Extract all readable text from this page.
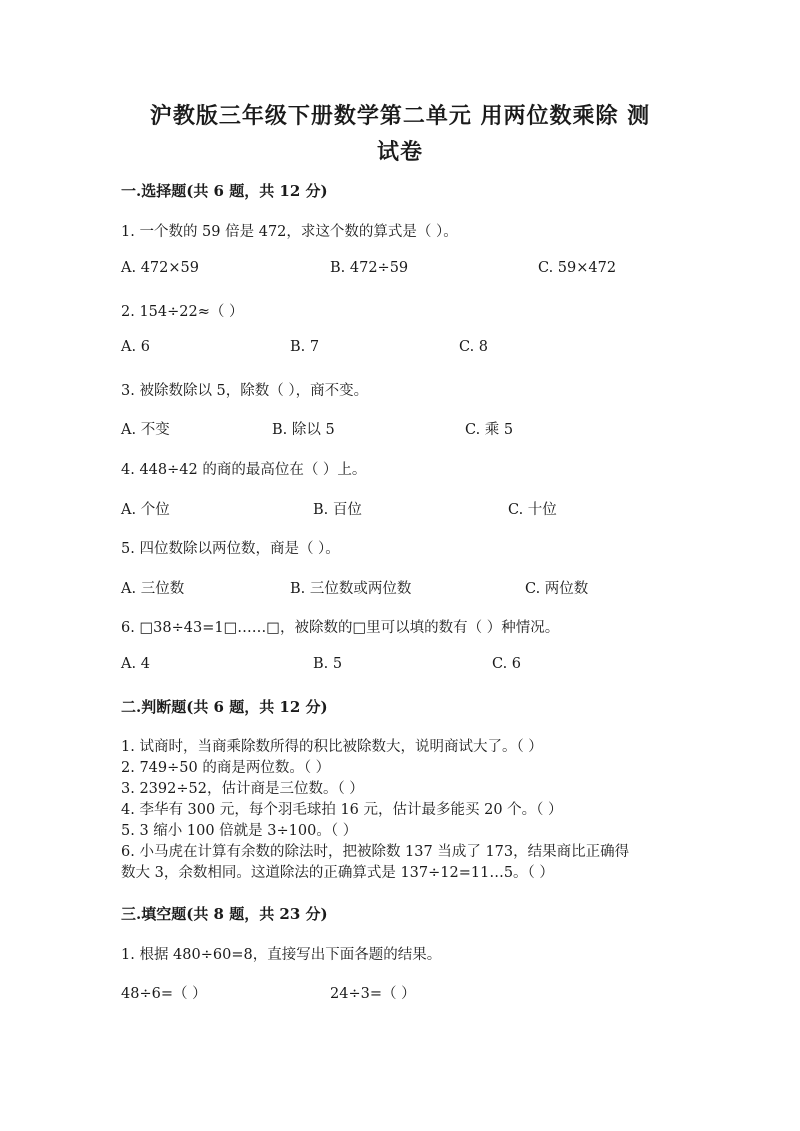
沪教版三年级下册数学第二单元 用两位数乘除 测
试卷
一.选择题(共 6 题，共 12 分)
1. 一个数的 59 倍是 472，求这个数的算式是（ ）。
A. 472×59	B. 472÷59	C. 59×472
2. 154÷22≈（ ）
A. 6	B. 7	C. 8
3. 被除数除以 5，除数（ ），商不变。
A. 不变	B. 除以 5	C. 乘 5
4. 448÷42 的商的最高位在（ ）上。
A. 个位	B. 百位	C. 十位
5. 四位数除以两位数，商是（ ）。
A. 三位数	B. 三位数或两位数	C. 两位数
6. □38÷43=1□……□，被除数的□里可以填的数有（ ）种情况。
A. 4	B. 5	C. 6
二.判断题(共 6 题，共 12 分)
1. 试商时，当商乘除数所得的积比被除数大，说明商试大了。（ ）
2. 749÷50 的商是两位数。（ ）
3. 2392÷52，估计商是三位数。（ ）
4. 李华有 300 元，每个羽毛球拍 16 元，估计最多能买 20 个。（ ）
5. 3 缩小 100 倍就是 3÷100。（ ）
6. 小马虎在计算有余数的除法时，把被除数 137 当成了 173，结果商比正确得
数大 3，余数相同。这道除法的正确算式是 137÷12=11…5。（ ）
三.填空题(共 8 题，共 23 分)
1. 根据 480÷60=8，直接写出下面各题的结果。
48÷6=（ ）	24÷3=（ ）
